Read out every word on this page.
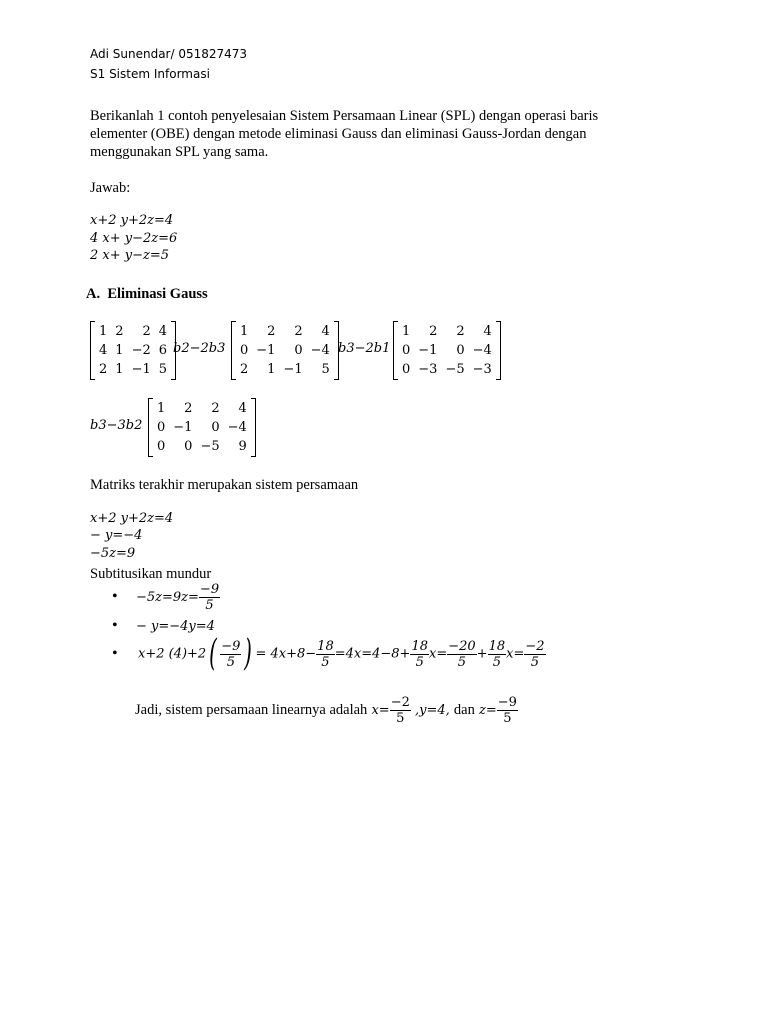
Adi Sunendar/ 051827473
S1 Sistem Informasi
Berikanlah 1 contoh penyelesaian Sistem Persamaan Linear (SPL) dengan operasi baris
elementer (OBE) dengan metode eliminasi Gauss dan eliminasi Gauss-Jordan dengan
menggunakan SPL yang sama.
Jawab:
x+2 y+2z=4
4 x+ y−2z=6
2 x+ y−z=5
A. Eliminasi Gauss
1	2	2	4
4	1	−2	6
2	1	−1	5
b2−2b3
1	2	2	4
0	−1	0	−4
2	1	−1	5
b3−2b1
1	2	2	4
0	−1	0	−4
0	−3	−5	−3
b3−3b2
1	2	2	4
0	−1	0	−4
0	0	−5	9
Matriks terakhir merupakan sistem persamaan
x+2 y+2z=4
− y=−4
−5z=9
Subtitusikan mundur
• $-5z=9z= \frac{-9}{5}$
• − y=−4y=4
• x+2 $(4)+2( \frac{-9}{5}$ ) = $4x+8- \frac{18}{5} =4x=4-8+ \frac{18}{5} x= \frac{-20}{5} + \frac{18}{5} x= \frac{-2}{5}$
Jadi, sistem persamaan linearnya adalah $x= \frac{-2}{5} ,y=4$, dan $z= \frac{-9}{5}$
